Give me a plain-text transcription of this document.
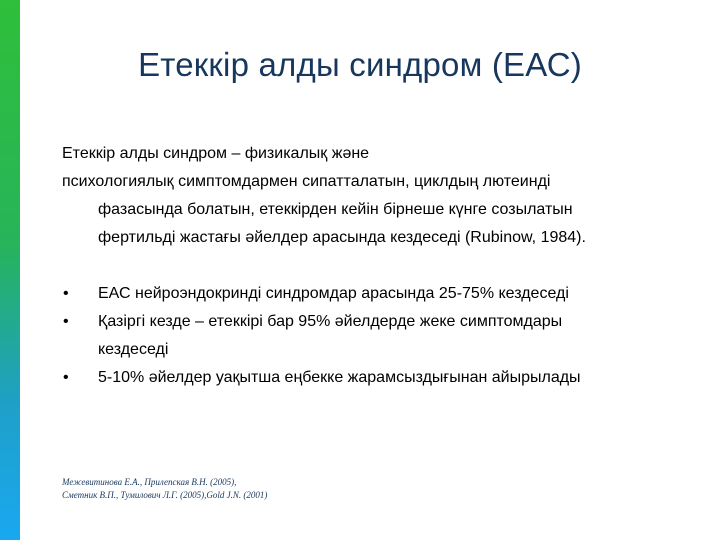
Етеккір алды синдром (ЕАС)
Етеккір алды синдром – физикалық және
психологиялық симптомдармен сипатталатын, циклдың лютеинді
фазасында болатын, етеккірден кейін бірнеше күнге созылатын
фертильді жастағы әйелдер арасында кездеседі (Rubinow, 1984).
• ЕАС нейроэндокринді синдромдар арасында 25-75% кездеседі
• Қазіргі кезде – етеккірі бар 95% әйелдерде жеке симптомдары
кездеседі
• 5-10% әйелдер уақытша еңбекке жарамсыздығынан айырылады
Межевитинова Е.А., Прилепская В.Н. (2005),
Сметник В.П., Тумилович Л.Г. (2005),Gold J.N. (2001)
